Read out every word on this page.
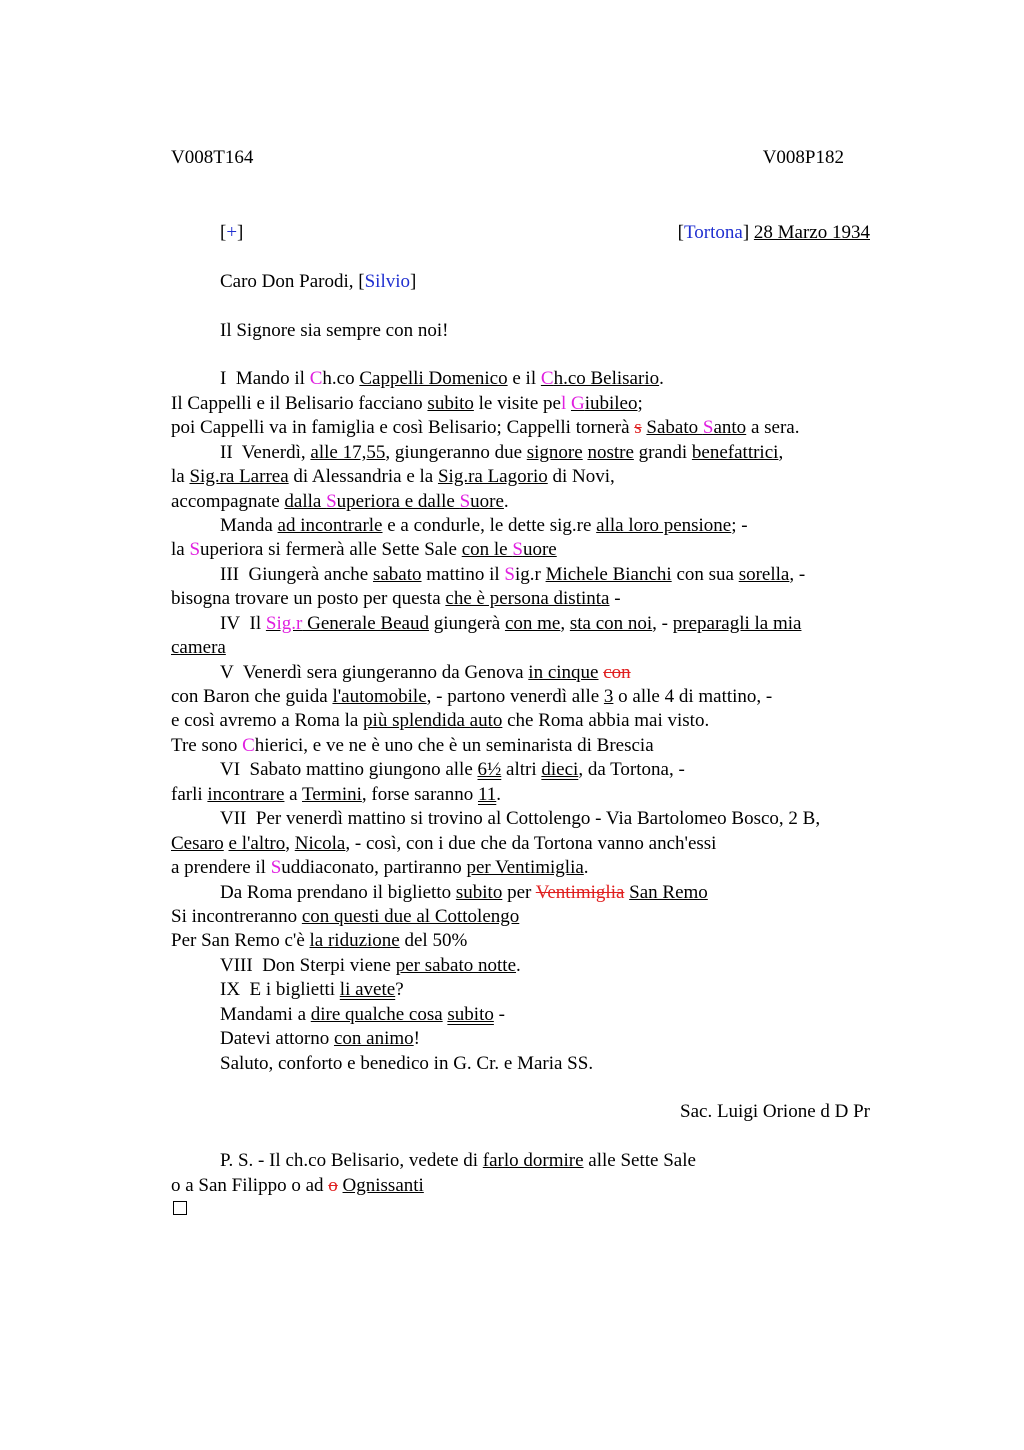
V008T164	V008P182
[+]	[Tortona] 28 Marzo 1934
Caro Don Parodi, [Silvio]
Il Signore sia sempre con noi!
I  Mando il Ch.co Cappelli Domenico e il Ch.co Belisario.
Il Cappelli e il Belisario facciano subito le visite pel Giubileo;
poi Cappelli va in famiglia e così Belisario; Cappelli tornerà s Sabato Santo a sera.
II  Venerdì, alle 17,55, giungeranno due signore nostre grandi benefattrici,
la Sig.ra Larrea di Alessandria e la Sig.ra Lagorio di Novi,
accompagnate dalla Superiora e dalle Suore.
Manda ad incontrarle e a condurle, le dette sig.re alla loro pensione; -
la Superiora si fermerà alle Sette Sale con le Suore
III  Giungerà anche sabato mattino il Sig.r Michele Bianchi con sua sorella, -
bisogna trovare un posto per questa che è persona distinta -
IV  Il Sig.r Generale Beaud giungerà con me, sta con noi, - preparagli la mia
camera
V  Venerdì sera giungeranno da Genova in cinque con
con Baron che guida l'automobile, - partono venerdì alle 3 o alle 4 di mattino, -
e così avremo a Roma la più splendida auto che Roma abbia mai visto.
Tre sono Chierici, e ve ne è uno che è un seminarista di Brescia
VI  Sabato mattino giungono alle 6½ altri dieci, da Tortona, -
farli incontrare a Termini, forse saranno 11.
VII  Per venerdì mattino si trovino al Cottolengo - Via Bartolomeo Bosco, 2 B,
Cesaro e l'altro, Nicola, - così, con i due che da Tortona vanno anch'essi
a prendere il Suddiaconato, partiranno per Ventimiglia.
Da Roma prendano il biglietto subito per Ventimiglia San Remo
Si incontreranno con questi due al Cottolengo
Per San Remo c'è la riduzione del 50%
VIII  Don Sterpi viene per sabato notte.
IX  E i biglietti li avete?
Mandami a dire qualche cosa subito -
Datevi attorno con animo!
Saluto, conforto e benedico in G. Cr. e Maria SS.
Sac. Luigi Orione d D Pr
P. S. - Il ch.co Belisario, vedete di farlo dormire alle Sette Sale
o a San Filippo o ad o Ognissanti
